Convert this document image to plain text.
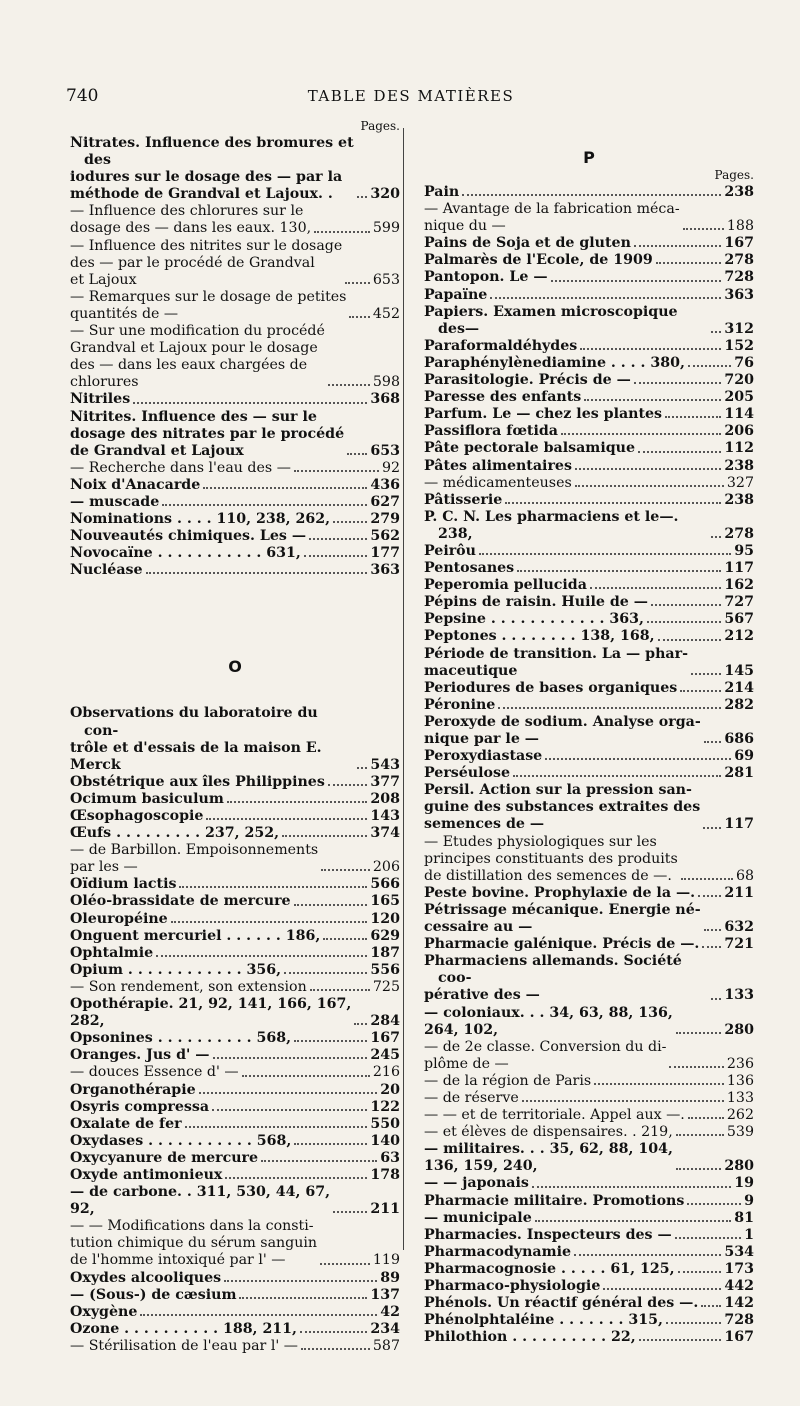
740	TABLE DES MATIÈRES
Pages.
Nitrates. Influence des bromures et des
iodures sur le dosage des — par la
méthode de Grandval et Lajoux. .	320
— Influence des chlorures sur le
dosage des — dans les eaux. 130,	599
— Influence des nitrites sur le dosage
des — par le procédé de Grandval
et Lajoux	653
— Remarques sur le dosage de petites
quantités de —	452
— Sur une modification du procédé
Grandval et Lajoux pour le dosage
des — dans les eaux chargées de
chlorures	598
Nitriles	368
Nitrites. Influence des — sur le
dosage des nitrates par le procédé
de Grandval et Lajoux	653
— Recherche dans l'eau des —	92
Noix d'Anacarde	436
— muscade	627
Nominations . . . . 110, 238, 262,	279
Nouveautés chimiques. Les —	562
Novocaïne . . . . . . . . . . . 631,	177
Nucléase	363
O
Observations du laboratoire du con-
trôle et d'essais de la maison E.
Merck	543
Obstétrique aux îles Philippines	377
Ocimum basiculum	208
Œsophagoscopie	143
Œufs . . . . . . . . . 237, 252,	374
— de Barbillon. Empoisonnements
par les —	206
Oïdium lactis	566
Oléo-brassidate de mercure	165
Oleuropéine	120
Onguent mercuriel . . . . . . 186,	629
Ophtalmie	187
Opium . . . . . . . . . . . . 356,	556
— Son rendement, son extension	725
Opothérapie. 21, 92, 141, 166, 167,
282,	284
Opsonines . . . . . . . . . . 568,	167
Oranges. Jus d' —	245
— douces Essence d' —	216
Organothérapie	20
Osyris compressa	122
Oxalate de fer	550
Oxydases . . . . . . . . . . . 568,	140
Oxycyanure de mercure	63
Oxyde antimonieux	178
— de carbone. . 311, 530, 44, 67,
92,	211
— — Modifications dans la consti-
tution chimique du sérum sanguin
de l'homme intoxiqué par l' —	119
Oxydes alcooliques	89
— (Sous-) de cæsium	137
Oxygène	42
Ozone . . . . . . . . . . 188, 211,	234
— Stérilisation de l'eau par l' —	587
P
Pages.
Pain	238
— Avantage de la fabrication méca-
nique du —	188
Pains de Soja et de gluten	167
Palmarès de l'Ecole, de 1909	278
Pantopon. Le —	728
Papaïne	363
Papiers. Examen microscopique des—	312
Paraformaldéhydes	152
Paraphénylènediamine . . . . 380,	76
Parasitologie. Précis de —	720
Paresse des enfants	205
Parfum. Le — chez les plantes	114
Passiflora fœtida	206
Pâte pectorale balsamique	112
Pâtes alimentaires	238
— médicamenteuses	327
Pâtisserie	238
P. C. N. Les pharmaciens et le—. 238,	278
Peirôu	95
Pentosanes	117
Peperomia pellucida	162
Pépins de raisin. Huile de —	727
Pepsine . . . . . . . . . . . . 363,	567
Peptones . . . . . . . . 138, 168,	212
Période de transition. La — phar-
maceutique	145
Periodures de bases organiques	214
Péronine	282
Peroxyde de sodium. Analyse orga-
nique par le —	686
Peroxydiastase	69
Perséulose	281
Persil. Action sur la pression san-
guine des substances extraites des
semences de —	117
— Etudes physiologiques sur les
principes constituants des produits
de distillation des semences de —.	68
Peste bovine. Prophylaxie de la —. 211
Pétrissage mécanique. Energie né-
cessaire au —	632
Pharmacie galénique. Précis de —. 721
Pharmaciens allemands. Société coo-
pérative des —	133
— coloniaux. . . 34, 63, 88, 136,
264, 102,	280
— de 2e classe. Conversion du di-
plôme de —	236
— de la région de Paris	136
— de réserve	133
— — et de territoriale. Appel aux —.	262
— et élèves de dispensaires. . 219,	539
— militaires. . . 35, 62, 88, 104,
136, 159, 240,	280
— — japonais	19
Pharmacie militaire. Promotions	9
— municipale	81
Pharmacies. Inspecteurs des —	1
Pharmacodynamie	534
Pharmacognosie . . . . . 61, 125,	173
Pharmaco-physiologie	442
Phénols. Un réactif général des —. 142
Phénolphtaléine . . . . . . . 315,	728
Philothion . . . . . . . . . . 22,	167
